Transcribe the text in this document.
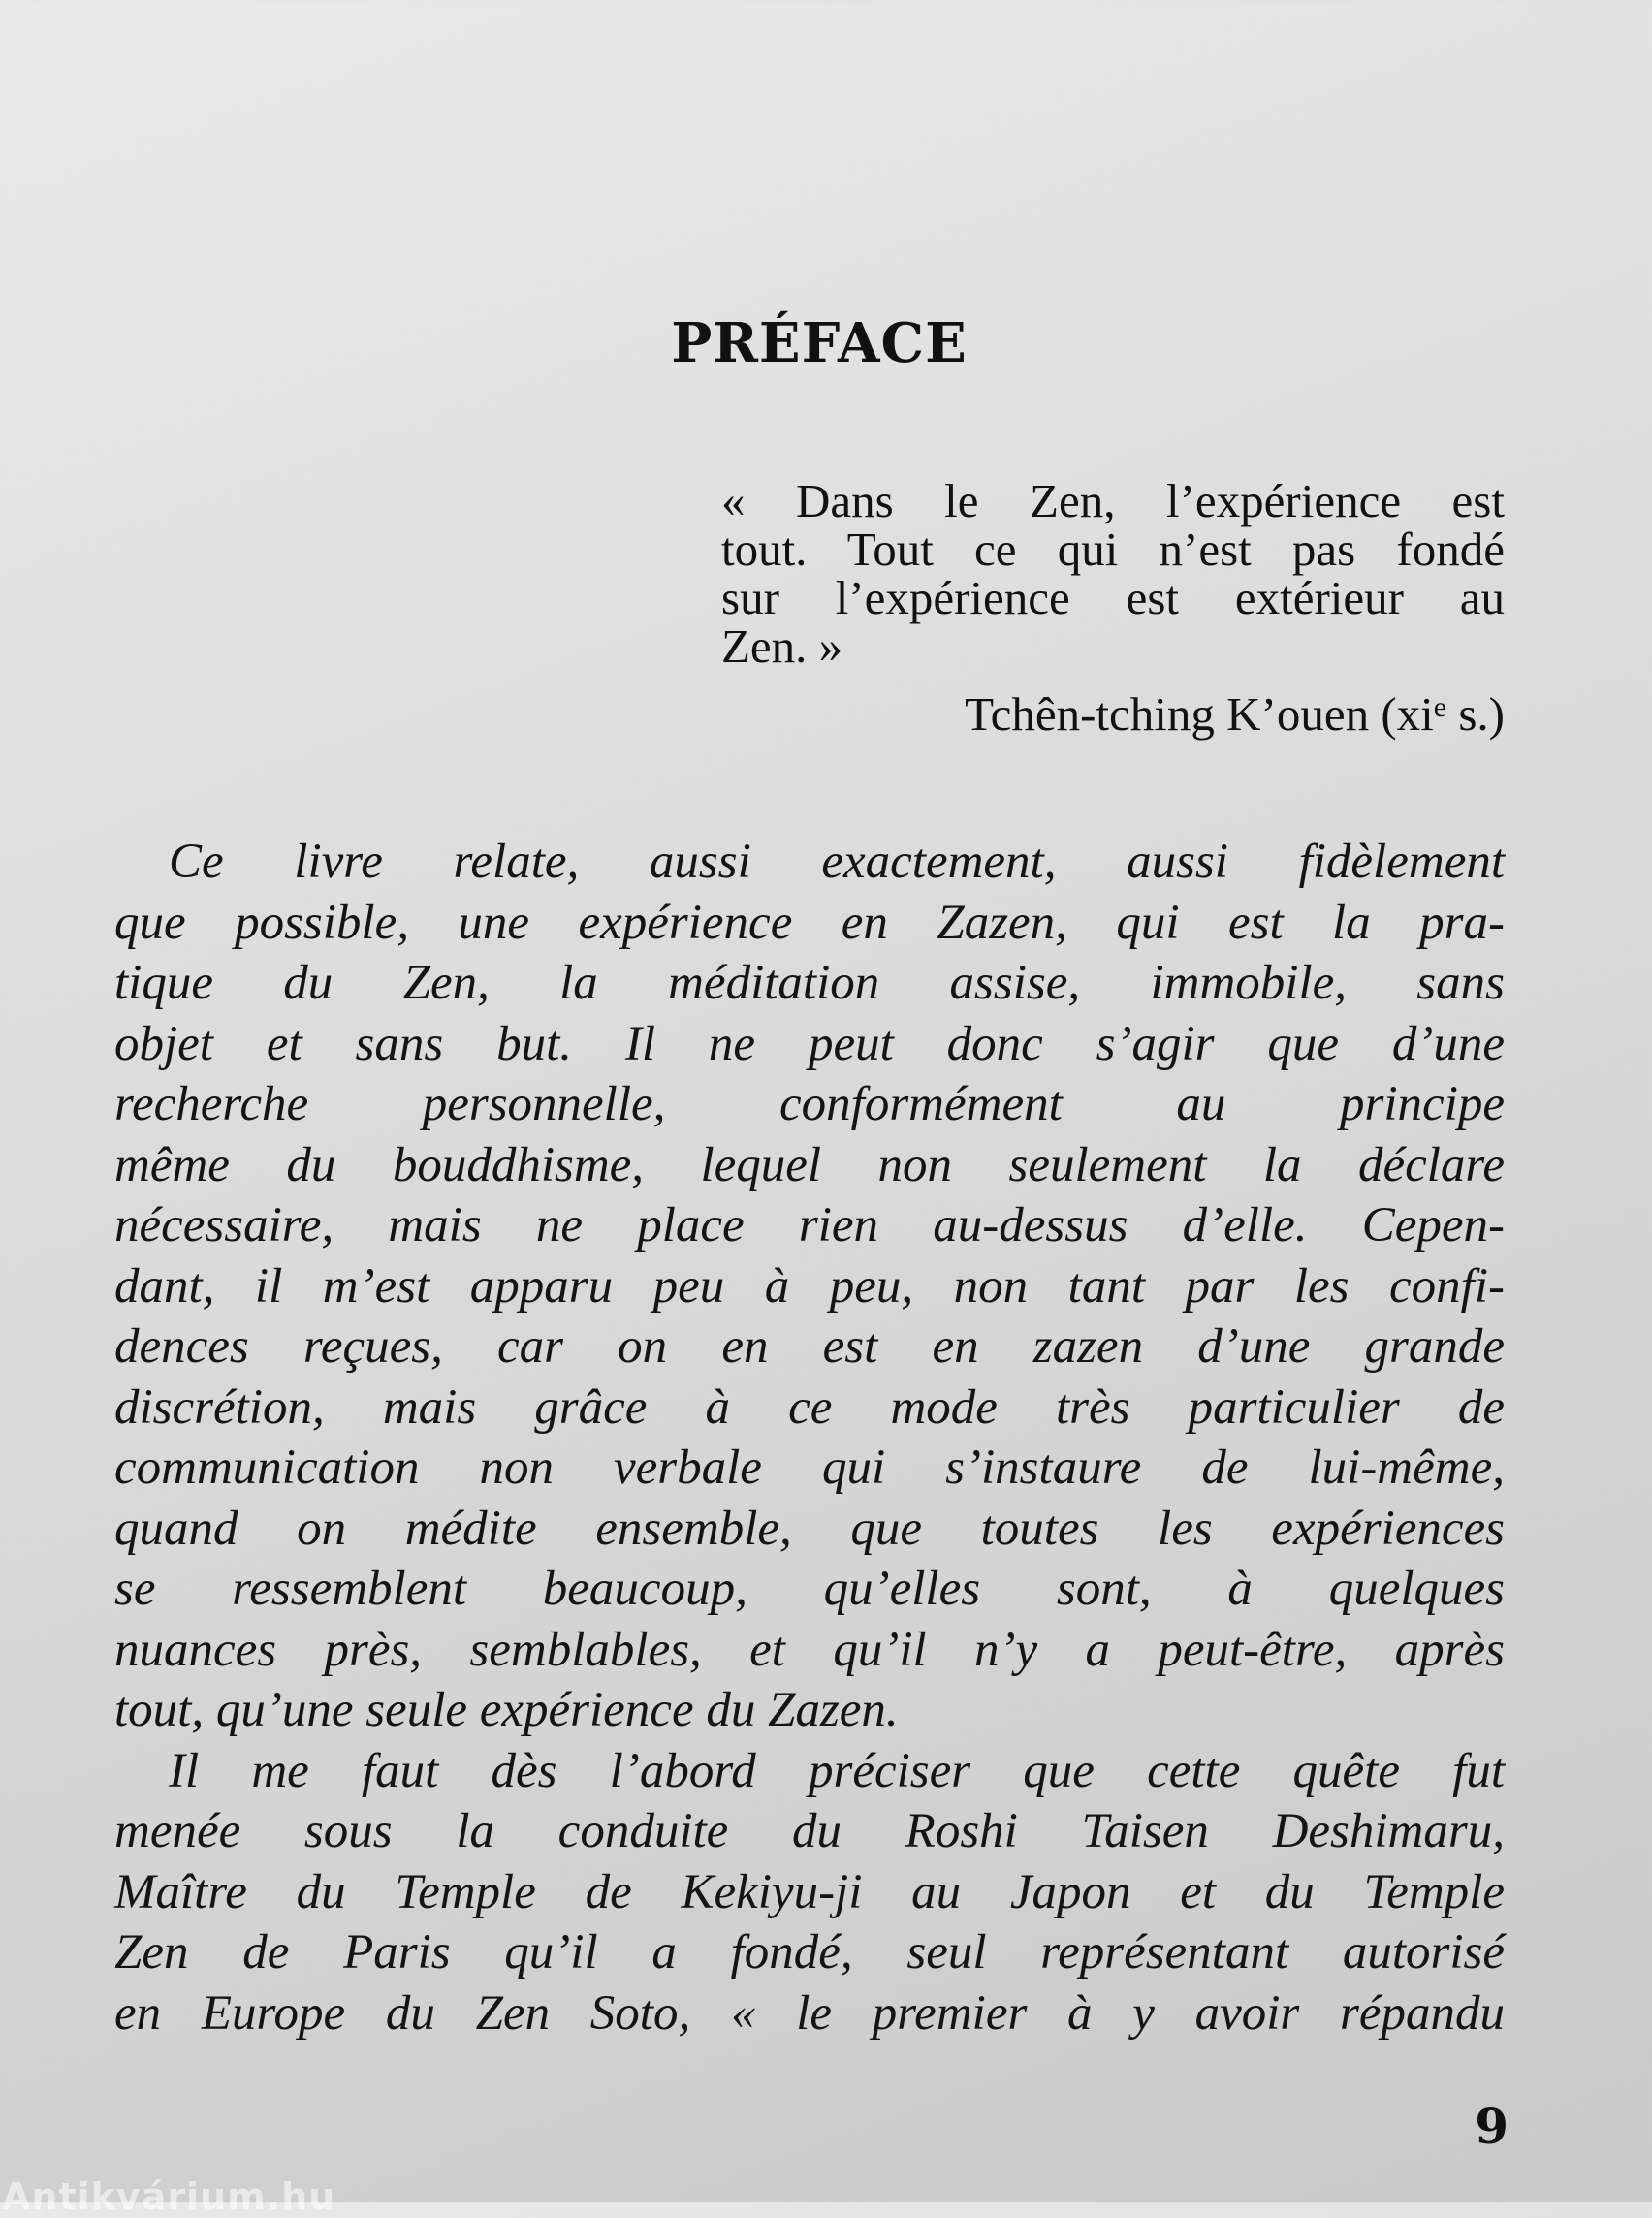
PRÉFACE
« Dans le Zen, l’expérience est
tout. Tout ce qui n’est pas fondé
sur l’expérience est extérieur au
Zen. »
Tchên-tching K’ouen ($xi^e$ s.)
Ce livre relate, aussi exactement, aussi fidèlement
que possible, une expérience en Zazen, qui est la pra-
tique du Zen, la méditation assise, immobile, sans
objet et sans but. Il ne peut donc s’agir que d’une
recherche personnelle, conformément au principe
même du bouddhisme, lequel non seulement la déclare
nécessaire, mais ne place rien au-dessus d’elle. Cepen-
dant, il m’est apparu peu à peu, non tant par les confi-
dences reçues, car on en est en zazen d’une grande
discrétion, mais grâce à ce mode très particulier de
communication non verbale qui s’instaure de lui-même,
quand on médite ensemble, que toutes les expériences
se ressemblent beaucoup, qu’elles sont, à quelques
nuances près, semblables, et qu’il n’y a peut-être, après
tout, qu’une seule expérience du Zazen.
Il me faut dès l’abord préciser que cette quête fut
menée sous la conduite du Roshi Taisen Deshimaru,
Maître du Temple de Kekiyu-ji au Japon et du Temple
Zen de Paris qu’il a fondé, seul représentant autorisé
en Europe du Zen Soto, « le premier à y avoir répandu
9
Antikvárium.hu
